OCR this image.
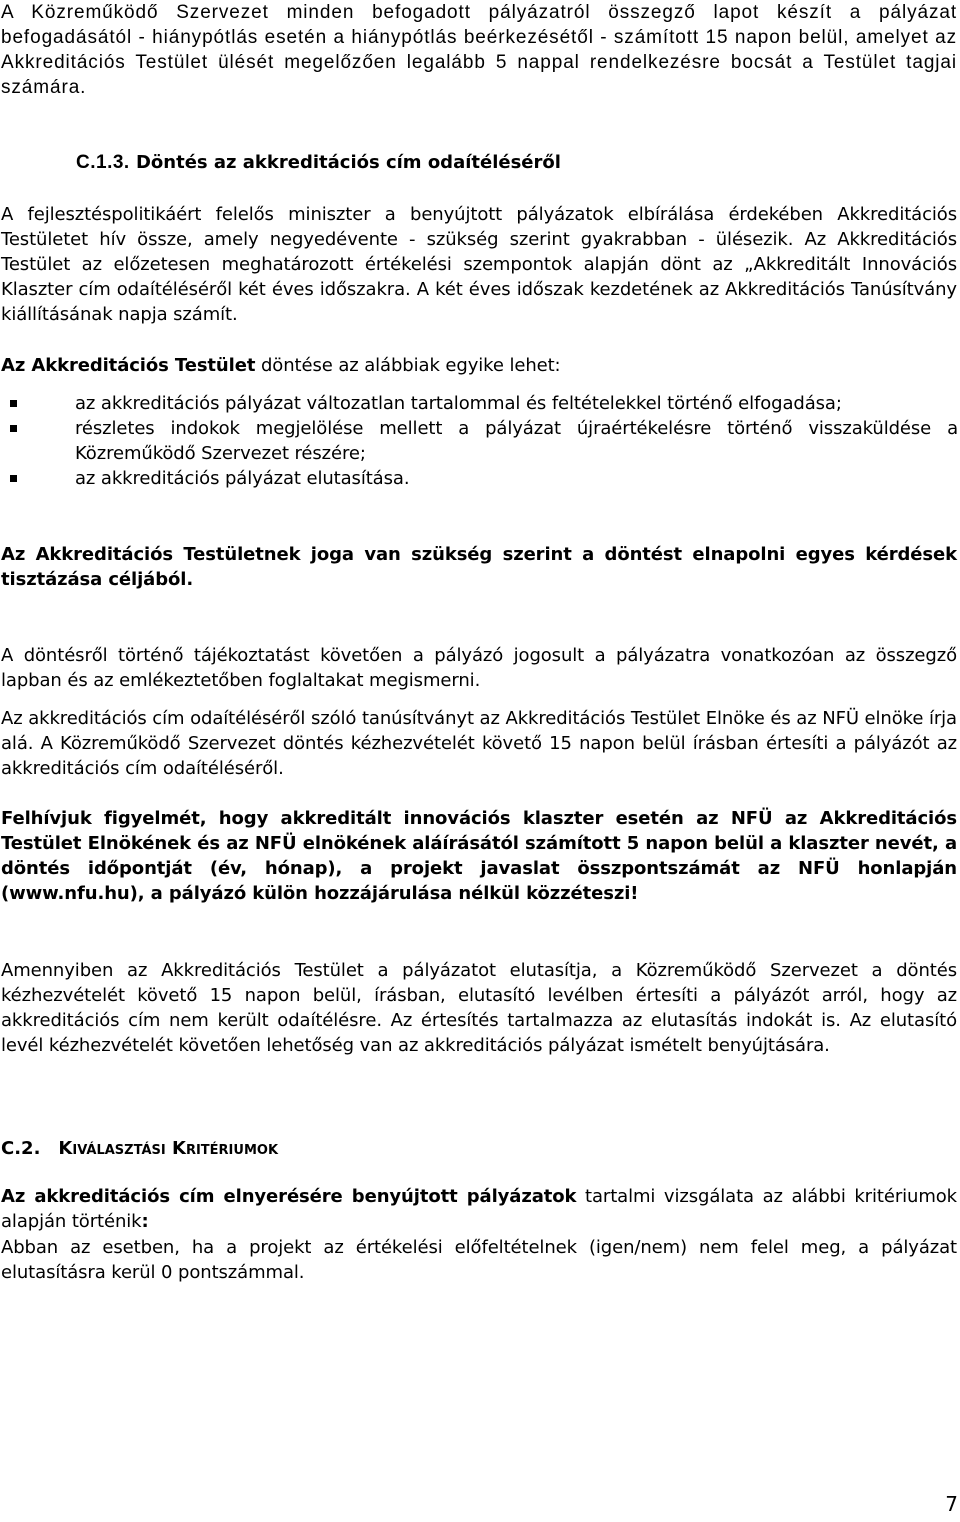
A Közreműködő Szervezet minden befogadott pályázatról összegző lapot készít a pályázat befogadásától - hiánypótlás esetén a hiánypótlás beérkezésétől - számított 15 napon belül, amelyet az Akkreditációs Testület ülését megelőzően legalább 5 nappal rendelkezésre bocsát a Testület tagjai számára.

C.1.3. Döntés az akkreditációs cím odaítéléséről

A fejlesztéspolitikáért felelős miniszter a benyújtott pályázatok elbírálása érdekében Akkreditációs Testületet hív össze, amely negyedévente - szükség szerint gyakrabban - ülésezik. Az Akkreditációs Testület az előzetesen meghatározott értékelési szempontok alapján dönt az „Akkreditált Innovációs Klaszter cím odaítéléséről két éves időszakra. A két éves időszak kezdetének az Akkreditációs Tanúsítvány kiállításának napja számít.

Az Akkreditációs Testület döntése az alábbiak egyike lehet:

az akkreditációs pályázat változatlan tartalommal és feltételekkel történő elfogadása;
részletes indokok megjelölése mellett a pályázat újraértékelésre történő visszaküldése a Közreműködő Szervezet részére;
az akkreditációs pályázat elutasítása.

Az Akkreditációs Testületnek joga van szükség szerint a döntést elnapolni egyes kérdések tisztázása céljából.

A döntésről történő tájékoztatást követően a pályázó jogosult a pályázatra vonatkozóan az összegző lapban és az emlékeztetőben foglaltakat megismerni.

Az akkreditációs cím odaítéléséről szóló tanúsítványt az Akkreditációs Testület Elnöke és az NFÜ elnöke írja alá. A Közreműködő Szervezet döntés kézhezvételét követő 15 napon belül írásban értesíti a pályázót az akkreditációs cím odaítéléséről.

Felhívjuk figyelmét, hogy akkreditált innovációs klaszter esetén az NFÜ az Akkreditációs Testület Elnökének és az NFÜ elnökének aláírásától számított 5 napon belül a klaszter nevét, a döntés időpontját (év, hónap), a projekt javaslat összpontszámát az NFÜ honlapján (www.nfu.hu), a pályázó külön hozzájárulása nélkül közzéteszi!

Amennyiben az Akkreditációs Testület a pályázatot elutasítja, a Közreműködő Szervezet a döntés kézhezvételét követő 15 napon belül, írásban, elutasító levélben értesíti a pályázót arról, hogy az akkreditációs cím nem került odaítélésre. Az értesítés tartalmazza az elutasítás indokát is. Az elutasító levél kézhezvételét követően lehetőség van az akkreditációs pályázat ismételt benyújtására.

C.2. KIVÁLASZTÁSI KRITÉRIUMOK

Az akkreditációs cím elnyerésére benyújtott pályázatok tartalmi vizsgálata az alábbi kritériumok alapján történik:

Abban az esetben, ha a projekt az értékelési előfeltételnek (igen/nem) nem felel meg, a pályázat elutasításra kerül 0 pontszámmal.

7
